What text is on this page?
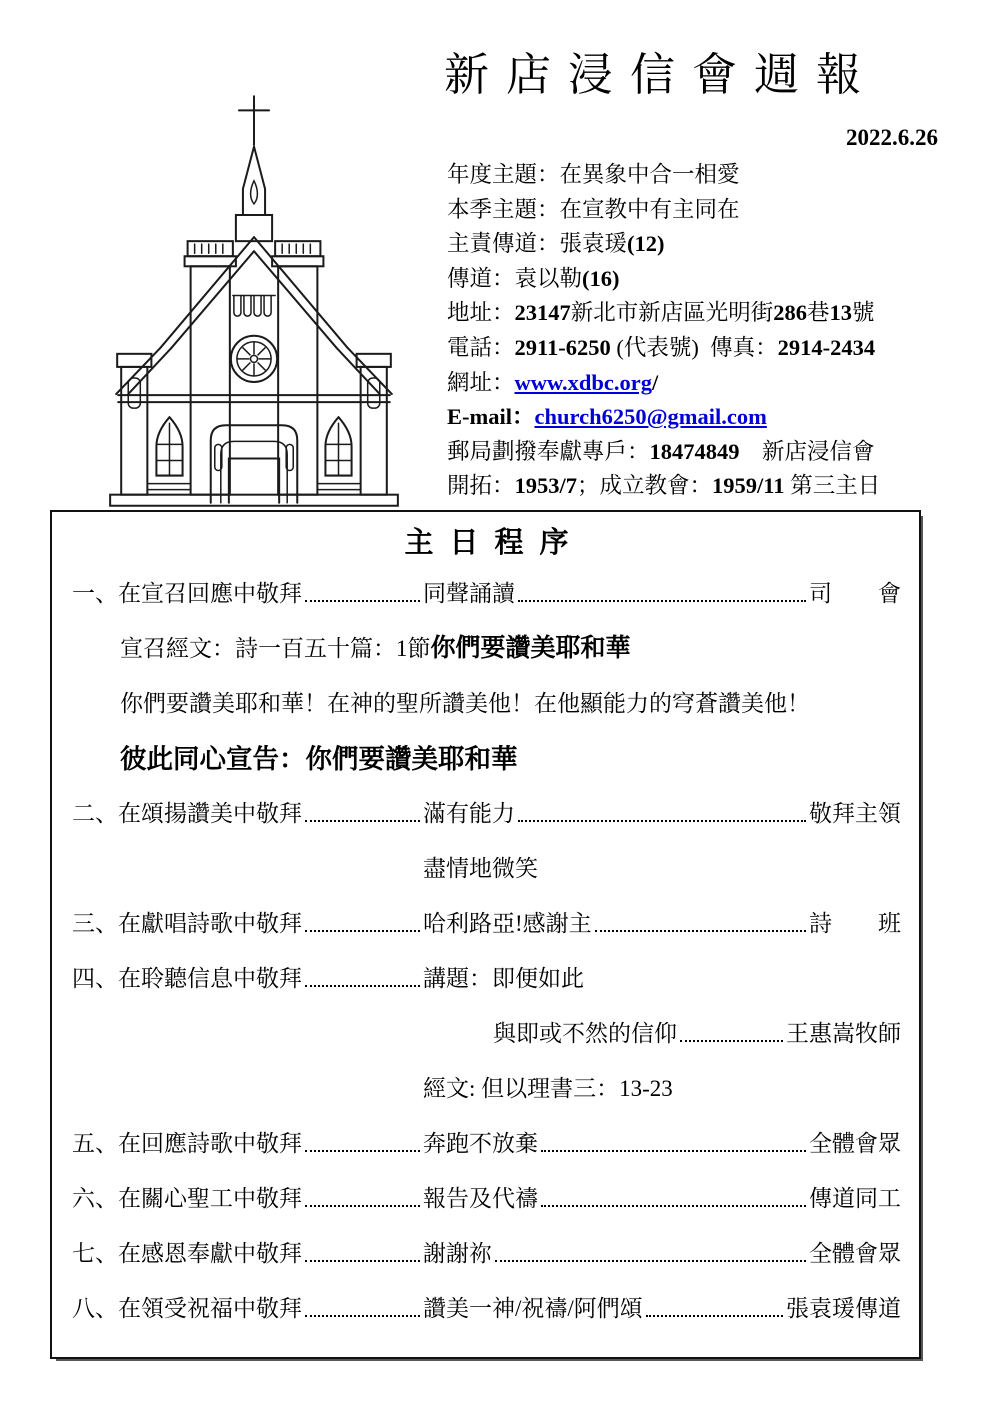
新店浸信會週報
2022.6.26
年度主題：在異象中合一相愛
本季主題：在宣教中有主同在
主責傳道：張袁瑗(12)
傳道：袁以勒(16)
地址：23147新北市新店區光明街286巷13號
電話：2911-6250 (代表號)  傳真：2914-2434
網址：www.xdbc.org/
E-mail：church6250@gmail.com
郵局劃撥奉獻專戶：18474849　新店浸信會
開拓：1953/7；成立教會：1959/11 第三主日
主日程序
一、在宣召回應中敬拜	同聲誦讀	司　　會
宣召經文：詩一百五十篇：1節你們要讚美耶和華
你們要讚美耶和華！在神的聖所讚美他！在他顯能力的穹蒼讚美他！
彼此同心宣告：你們要讚美耶和華
二、在頌揚讚美中敬拜	滿有能力	敬拜主領
盡情地微笑
三、在獻唱詩歌中敬拜	哈利路亞!感謝主	詩　　班
四、在聆聽信息中敬拜	講題：即便如此
與即或不然的信仰	王惠嵩牧師
經文: 但以理書三：13-23
五、在回應詩歌中敬拜	奔跑不放棄	全體會眾
六、在關心聖工中敬拜	報告及代禱	傳道同工
七、在感恩奉獻中敬拜	謝謝祢	全體會眾
八、在領受祝福中敬拜	讚美一神/祝禱/阿們頌	張袁瑗傳道
